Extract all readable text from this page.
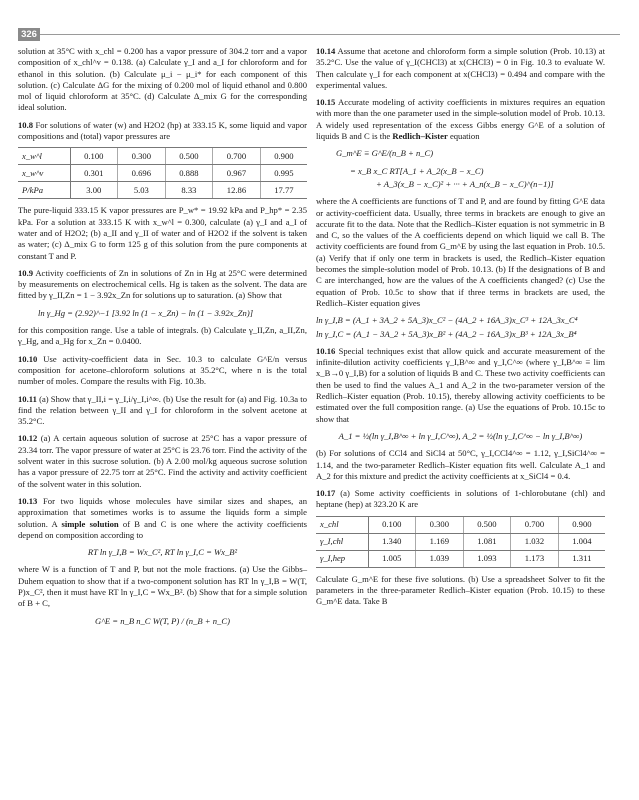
326

solution at 35°C with x_chl = 0.200 has a vapor pressure of 304.2 torr and a vapor composition of x_chl^v = 0.138. (a) Calculate γ_I and a_I for chloroform and for ethanol in this solution. (b) Calculate μ_i − μ_i* for each component of this solution. (c) Calculate ΔG for the mixing of 0.200 mol of liquid ethanol and 0.800 mol of liquid chloroform at 35°C. (d) Calculate Δ_mix G for the corresponding ideal solution.

10.8 For solutions of water (w) and H2O2 (hp) at 333.15 K, some liquid and vapor compositions and (total) vapor pressures are

x_w^l	0.100	0.300	0.500	0.700	0.900
x_w^v	0.301	0.696	0.888	0.967	0.995
P/kPa	3.00	5.03	8.33	12.86	17.77

The pure-liquid 333.15 K vapor pressures are P_w* = 19.92 kPa and P_hp* = 2.35 kPa. For a solution at 333.15 K with x_w^l = 0.300, calculate (a) γ_I and a_I of water and of H2O2; (b) a_II and γ_II of water and of H2O2 if the solvent is taken as water; (c) Δ_mix G to form 125 g of this solution from the pure components at constant T and P.

10.9 Activity coefficients of Zn in solutions of Zn in Hg at 25°C were determined by measurements on electrochemical cells. Hg is taken as the solvent. The data are fitted by γ_II,Zn = 1 − 3.92x_Zn for solutions up to saturation. (a) Show that

ln γ_Hg = (2.92)^−1 [3.92 ln (1 − x_Zn) − ln (1 − 3.92x_Zn)]

for this composition range. Use a table of integrals. (b) Calculate γ_II,Zn, a_II,Zn, γ_Hg, and a_Hg for x_Zn = 0.0400.

10.10 Use activity-coefficient data in Sec. 10.3 to calculate G^E/n versus composition for acetone–chloroform solutions at 35.2°C, where n is the total number of moles. Compare the results with Fig. 10.3b.

10.11 (a) Show that γ_II,i = γ_I,i/γ_I,i^∞. (b) Use the result for (a) and Fig. 10.3a to find the relation between γ_II and γ_I for chloroform in the solvent acetone at 35.2°C.

10.12 (a) A certain aqueous solution of sucrose at 25°C has a vapor pressure of 23.34 torr. The vapor pressure of water at 25°C is 23.76 torr. Find the activity of the solvent water in this sucrose solution. (b) A 2.00 mol/kg aqueous sucrose solution has a vapor pressure of 22.75 torr at 25°C. Find the activity and activity coefficient of the solvent water in this solution.

10.13 For two liquids whose molecules have similar sizes and shapes, an approximation that sometimes works is to assume the liquids form a simple solution. A simple solution of B and C is one where the activity coefficients depend on composition according to

RT ln γ_I,B = Wx_C², RT ln γ_I,C = Wx_B²

where W is a function of T and P, but not the mole fractions. (a) Use the Gibbs–Duhem equation to show that if a two-component solution has RT ln γ_I,B = W(T, P)x_C², then it must have RT ln γ_I,C = Wx_B². (b) Show that for a simple solution of B + C,

G^E = n_B n_C W(T, P) / (n_B + n_C)

10.14 Assume that acetone and chloroform form a simple solution (Prob. 10.13) at 35.2°C. Use the value of γ_I(CHCl3) at x(CHCl3) = 0 in Fig. 10.3 to evaluate W. Then calculate γ_I for each component at x(CHCl3) = 0.494 and compare with the experimental values.

10.15 Accurate modeling of activity coefficients in mixtures requires an equation with more than the one parameter used in the simple-solution model of Prob. 10.13. A widely used representation of the excess Gibbs energy G^E of a solution of liquids B and C is the Redlich–Kister equation

G_m^E ≡ G^E/(n_B + n_C)

= x_B x_C RT[A_1 + A_2(x_B − x_C)

+ A_3(x_B − x_C)² + ··· + A_n(x_B − x_C)^(n−1)]

where the A coefficients are functions of T and P, and are found by fitting G^E data or activity-coefficient data. Usually, three terms in brackets are enough to give an accurate fit to the data. Note that the Redlich–Kister equation is not symmetric in B and C, so the values of the A coefficients depend on which liquid we call B. The activity coefficients are found from G_m^E by using the last equation in Prob. 10.5. (a) Verify that if only one term in brackets is used, the Redlich–Kister equation becomes the simple-solution model of Prob. 10.13. (b) If the designations of B and C are interchanged, how are the values of the A coefficients changed? (c) Use the equation of Prob. 10.5c to show that if three terms in brackets are used, the Redlich–Kister equation gives

ln γ_I,B = (A_1 + 3A_2 + 5A_3)x_C² − (4A_2 + 16A_3)x_C³ + 12A_3x_C⁴

ln γ_I,C = (A_1 − 3A_2 + 5A_3)x_B² + (4A_2 − 16A_3)x_B³ + 12A_3x_B⁴

10.16 Special techniques exist that allow quick and accurate measurement of the infinite-dilution activity coefficients γ_I,B^∞ and γ_I,C^∞ (where γ_I,B^∞ ≡ lim x_B→0 γ_I,B) for a solution of liquids B and C. These two activity coefficients can then be used to find the values A_1 and A_2 in the two-parameter version of the Redlich–Kister equation (Prob. 10.15), thereby allowing activity coefficients to be estimated over the full composition range. (a) Use the equations of Prob. 10.15c to show that

A_1 = ½(ln γ_I,B^∞ + ln γ_I,C^∞), A_2 = ½(ln γ_I,C^∞ − ln γ_I,B^∞)

(b) For solutions of CCl4 and SiCl4 at 50°C, γ_I,CCl4^∞ = 1.12, γ_I,SiCl4^∞ = 1.14, and the two-parameter Redlich–Kister equation fits well. Calculate A_1 and A_2 for this mixture and predict the activity coefficients at x_SiCl4 = 0.4.

10.17 (a) Some activity coefficients in solutions of 1-chlorobutane (chl) and heptane (hep) at 323.20 K are

x_chl	0.100	0.300	0.500	0.700	0.900
γ_I,chl	1.340	1.169	1.081	1.032	1.004
γ_I,hep	1.005	1.039	1.093	1.173	1.311

Calculate G_m^E for these five solutions. (b) Use a spreadsheet Solver to fit the parameters in the three-parameter Redlich–Kister equation (Prob. 10.15) to these G_m^E data. Take B
